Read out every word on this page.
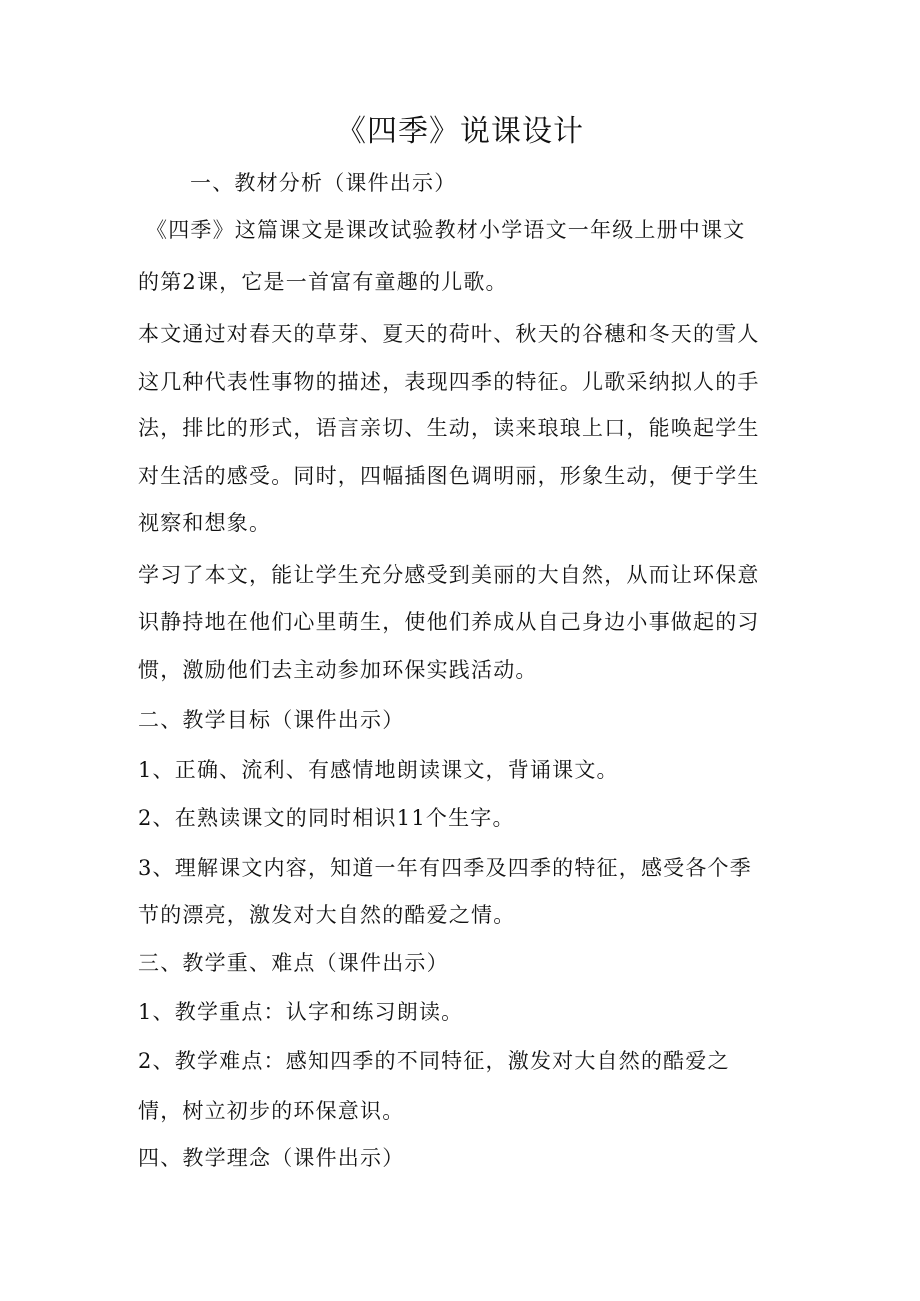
《四季》说课设计
一、教材分析（课件出示）
《四季》这篇课文是课改试验教材小学语文一年级上册中课文
的第2课，它是一首富有童趣的儿歌。
本文通过对春天的草芽、夏天的荷叶、秋天的谷穗和冬天的雪人
这几种代表性事物的描述，表现四季的特征。儿歌采纳拟人的手
法，排比的形式，语言亲切、生动，读来琅琅上口，能唤起学生
对生活的感受。同时，四幅插图色调明丽，形象生动，便于学生
视察和想象。
学习了本文，能让学生充分感受到美丽的大自然，从而让环保意
识静持地在他们心里萌生，使他们养成从自己身边小事做起的习
惯，激励他们去主动参加环保实践活动。
二、教学目标（课件出示）
1、正确、流利、有感情地朗读课文，背诵课文。
2、在熟读课文的同时相识11个生字。
3、理解课文内容，知道一年有四季及四季的特征，感受各个季
节的漂亮，激发对大自然的酷爱之情。
三、教学重、难点（课件出示）
1、教学重点：认字和练习朗读。
2、教学难点：感知四季的不同特征，激发对大自然的酷爱之
情，树立初步的环保意识。
四、教学理念（课件出示）
